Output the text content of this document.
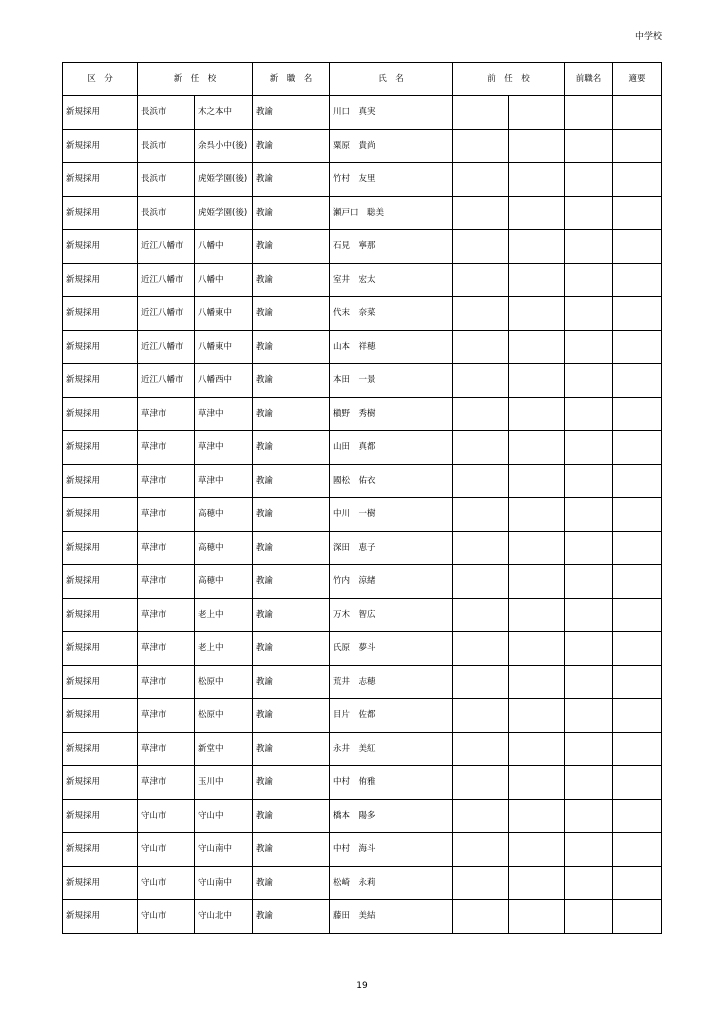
中学校
区　分	新　任　校		新　職　名	氏　名	前　任　校		前職名	適要
新規採用	長浜市	木之本中	教諭	川口　真実				
新規採用	長浜市	余呉小中(後)	教諭	粟原　貴尚				
新規採用	長浜市	虎姫学園(後)	教諭	竹村　友里				
新規採用	長浜市	虎姫学園(後)	教諭	瀬戸口　聡美				
新規採用	近江八幡市	八幡中	教諭	石見　寧那				
新規採用	近江八幡市	八幡中	教諭	室井　宏太				
新規採用	近江八幡市	八幡東中	教諭	代末　奈菜				
新規採用	近江八幡市	八幡東中	教諭	山本　祥穂				
新規採用	近江八幡市	八幡西中	教諭	本田　一景				
新規採用	草津市	草津中	教諭	槇野　秀樹				
新規採用	草津市	草津中	教諭	山田　真都				
新規採用	草津市	草津中	教諭	國松　佑衣				
新規採用	草津市	高穂中	教諭	中川　一樹				
新規採用	草津市	高穂中	教諭	深田　恵子				
新規採用	草津市	高穂中	教諭	竹内　涼緒				
新規採用	草津市	老上中	教諭	万木　智広				
新規採用	草津市	老上中	教諭	氏原　夢斗				
新規採用	草津市	松原中	教諭	荒井　志穂				
新規採用	草津市	松原中	教諭	目片　佐都				
新規採用	草津市	新堂中	教諭	永井　美紅				
新規採用	草津市	玉川中	教諭	中村　侑雅				
新規採用	守山市	守山中	教諭	橋本　陽多				
新規採用	守山市	守山南中	教諭	中村　海斗				
新規採用	守山市	守山南中	教諭	松崎　永莉				
新規採用	守山市	守山北中	教諭	藤田　美結				
19
